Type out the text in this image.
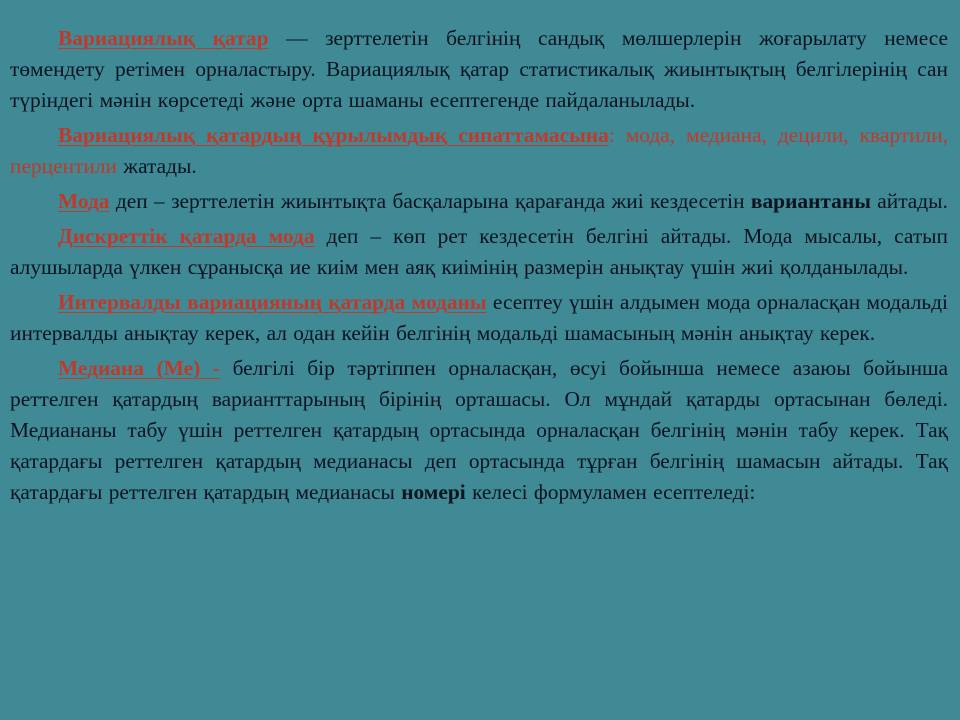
Вариациялық қатар — зерттелетін белгінің сандық мөлшерлерін жоғарылату немесе төмендету ретімен орналастыру. Вариациялық қатар статистикалық жиынтықтың белгілерінің сан түріндегі мәнін көрсетеді және орта шаманы есептегенде пайдаланылады.

Вариациялық қатардың құрылымдық сипаттамасына: мода, медиана, децили, квартили, перцентили жатады.

Мода деп – зерттелетін жиынтықта басқаларына қарағанда жиі кездесетін вариантаны айтады.

Дискреттік қатарда мода деп – көп рет кездесетін белгіні айтады. Мода мысалы, сатып алушыларда үлкен сұранысқа ие киім мен аяқ киімінің размерін анықтау үшін жиі қолданылады.

Интервалды вариацияның қатарда моданы есептеу үшін алдымен мода орналасқан модальді интервалды анықтау керек, ал одан кейін белгінің модальді шамасының мәнін анықтау керек.

Медиана (Ме) - белгілі бір тәртіппен орналасқан, өсуі бойынша немесе азаюы бойынша реттелген қатардың варианттарының бірінің орташасы. Ол мұндай қатарды ортасынан бөледі. Медиананы табу үшін реттелген қатардың ортасында орналасқан белгінің мәнін табу керек. Тақ қатардағы реттелген қатардың медианасы деп ортасында тұрған белгінің шамасын айтады. Тақ қатардағы реттелген қатардың медианасы номері келесі формуламен есептеледі:
